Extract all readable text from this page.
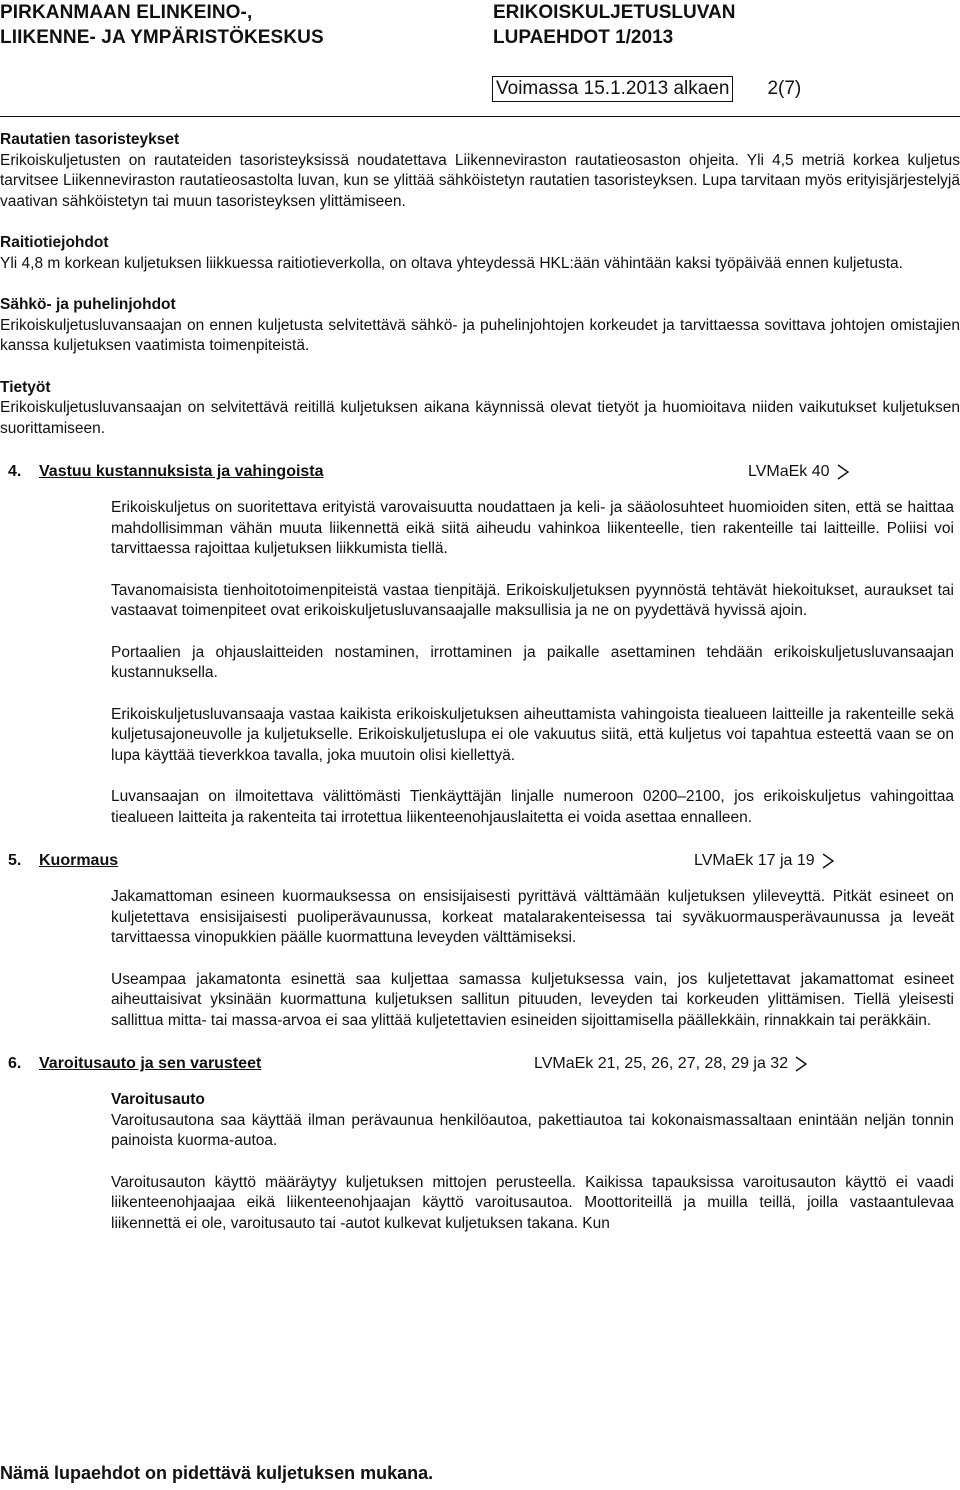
PIRKANMAAN ELINKEINO-,
LIIKENNE- JA YMPÄRISTÖKESKUS
ERIKOISKULJETUSLUVAN
LUPAEHDOT 1/2013
Voimassa 15.1.2013 alkaen 2(7)
Rautatien tasoristeykset
Erikoiskuljetusten on rautateiden tasoristeyksissä noudatettava Liikenneviraston rautatieosaston ohjeita. Yli 4,5 metriä korkea kuljetus tarvitsee Liikenneviraston rautatieosastolta luvan, kun se ylittää sähköistetyn rautatien tasoristeyksen. Lupa tarvitaan myös erityisjärjestelyjä vaativan sähköistetyn tai muun tasoristeyksen ylittämiseen.
Raitiotiejohdot
Yli 4,8 m korkean kuljetuksen liikkuessa raitiotieverkolla, on oltava yhteydessä HKL:ään vähintään kaksi työpäivää ennen kuljetusta.
Sähkö- ja puhelinjohdot
Erikoiskuljetusluvansaajan on ennen kuljetusta selvitettävä sähkö- ja puhelinjohtojen korkeudet ja tarvittaessa sovittava johtojen omistajien kanssa kuljetuksen vaatimista toimenpiteistä.
Tietyöt
Erikoiskuljetusluvansaajan on selvitettävä reitillä kuljetuksen aikana käynnissä olevat tietyöt ja huomioitava niiden vaikutukset kuljetuksen suorittamiseen.
4. Vastuu kustannuksista ja vahingoista	LVMaEk 40

Erikoiskuljetus on suoritettava erityistä varovaisuutta noudattaen ja keli- ja sääolosuhteet huomioiden siten, että se haittaa mahdollisimman vähän muuta liikennettä eikä siitä aiheudu vahinkoa liikenteelle, tien rakenteille tai laitteille. Poliisi voi tarvittaessa rajoittaa kuljetuksen liikkumista tiellä.

Tavanomaisista tienhoitotoimenpiteistä vastaa tienpitäjä. Erikoiskuljetuksen pyynnöstä tehtävät hiekoitukset, auraukset tai vastaavat toimenpiteet ovat erikoiskuljetusluvansaajalle maksullisia ja ne on pyydettävä hyvissä ajoin.

Portaalien ja ohjauslaitteiden nostaminen, irrottaminen ja paikalle asettaminen tehdään erikoiskuljetusluvansaajan kustannuksella.

Erikoiskuljetusluvansaaja vastaa kaikista erikoiskuljetuksen aiheuttamista vahingoista tiealueen laitteille ja rakenteille sekä kuljetusajoneuvolle ja kuljetukselle. Erikoiskuljetuslupa ei ole vakuutus siitä, että kuljetus voi tapahtua esteettä vaan se on lupa käyttää tieverkkoa tavalla, joka muutoin olisi kiellettyä.

Luvansaajan on ilmoitettava välittömästi Tienkäyttäjän linjalle numeroon 0200–2100, jos erikoiskuljetus vahingoittaa tiealueen laitteita ja rakenteita tai irrotettua liikenteenohjauslaitetta ei voida asettaa ennalleen.

5. Kuormaus	LVMaEk 17 ja 19

Jakamattoman esineen kuormauksessa on ensisijaisesti pyrittävä välttämään kuljetuksen ylileveyttä. Pitkät esineet on kuljetettava ensisijaisesti puoliperävaunussa, korkeat matalarakenteisessa tai syväkuormausperävaunussa ja leveät tarvittaessa vinopukkien päälle kuormattuna leveyden välttämiseksi.

Useampaa jakamatonta esinettä saa kuljettaa samassa kuljetuksessa vain, jos kuljetettavat jakamattomat esineet aiheuttaisivat yksinään kuormattuna kuljetuksen sallitun pituuden, leveyden tai korkeuden ylittämisen. Tiellä yleisesti sallittua mitta- tai massa-arvoa ei saa ylittää kuljetettavien esineiden sijoittamisella päällekkäin, rinnakkain tai peräkkäin.

6. Varoitusauto ja sen varusteet	LVMaEk 21, 25, 26, 27, 28, 29 ja 32
Varoitusauto

Varoitusautona saa käyttää ilman perävaunua henkilöautoa, pakettiautoa tai kokonaismassaltaan enintään neljän tonnin painoista kuorma-autoa.

Varoitusauton käyttö määräytyy kuljetuksen mittojen perusteella. Kaikissa tapauksissa varoitusauton käyttö ei vaadi liikenteenohjaajaa eikä liikenteenohjaajan käyttö varoitusautoa. Moottoriteillä ja muilla teillä, joilla vastaantulevaa liikennettä ei ole, varoitusauto tai -autot kulkevat kuljetuksen takana. Kun

Nämä lupaehdot on pidettävä kuljetuksen mukana.
